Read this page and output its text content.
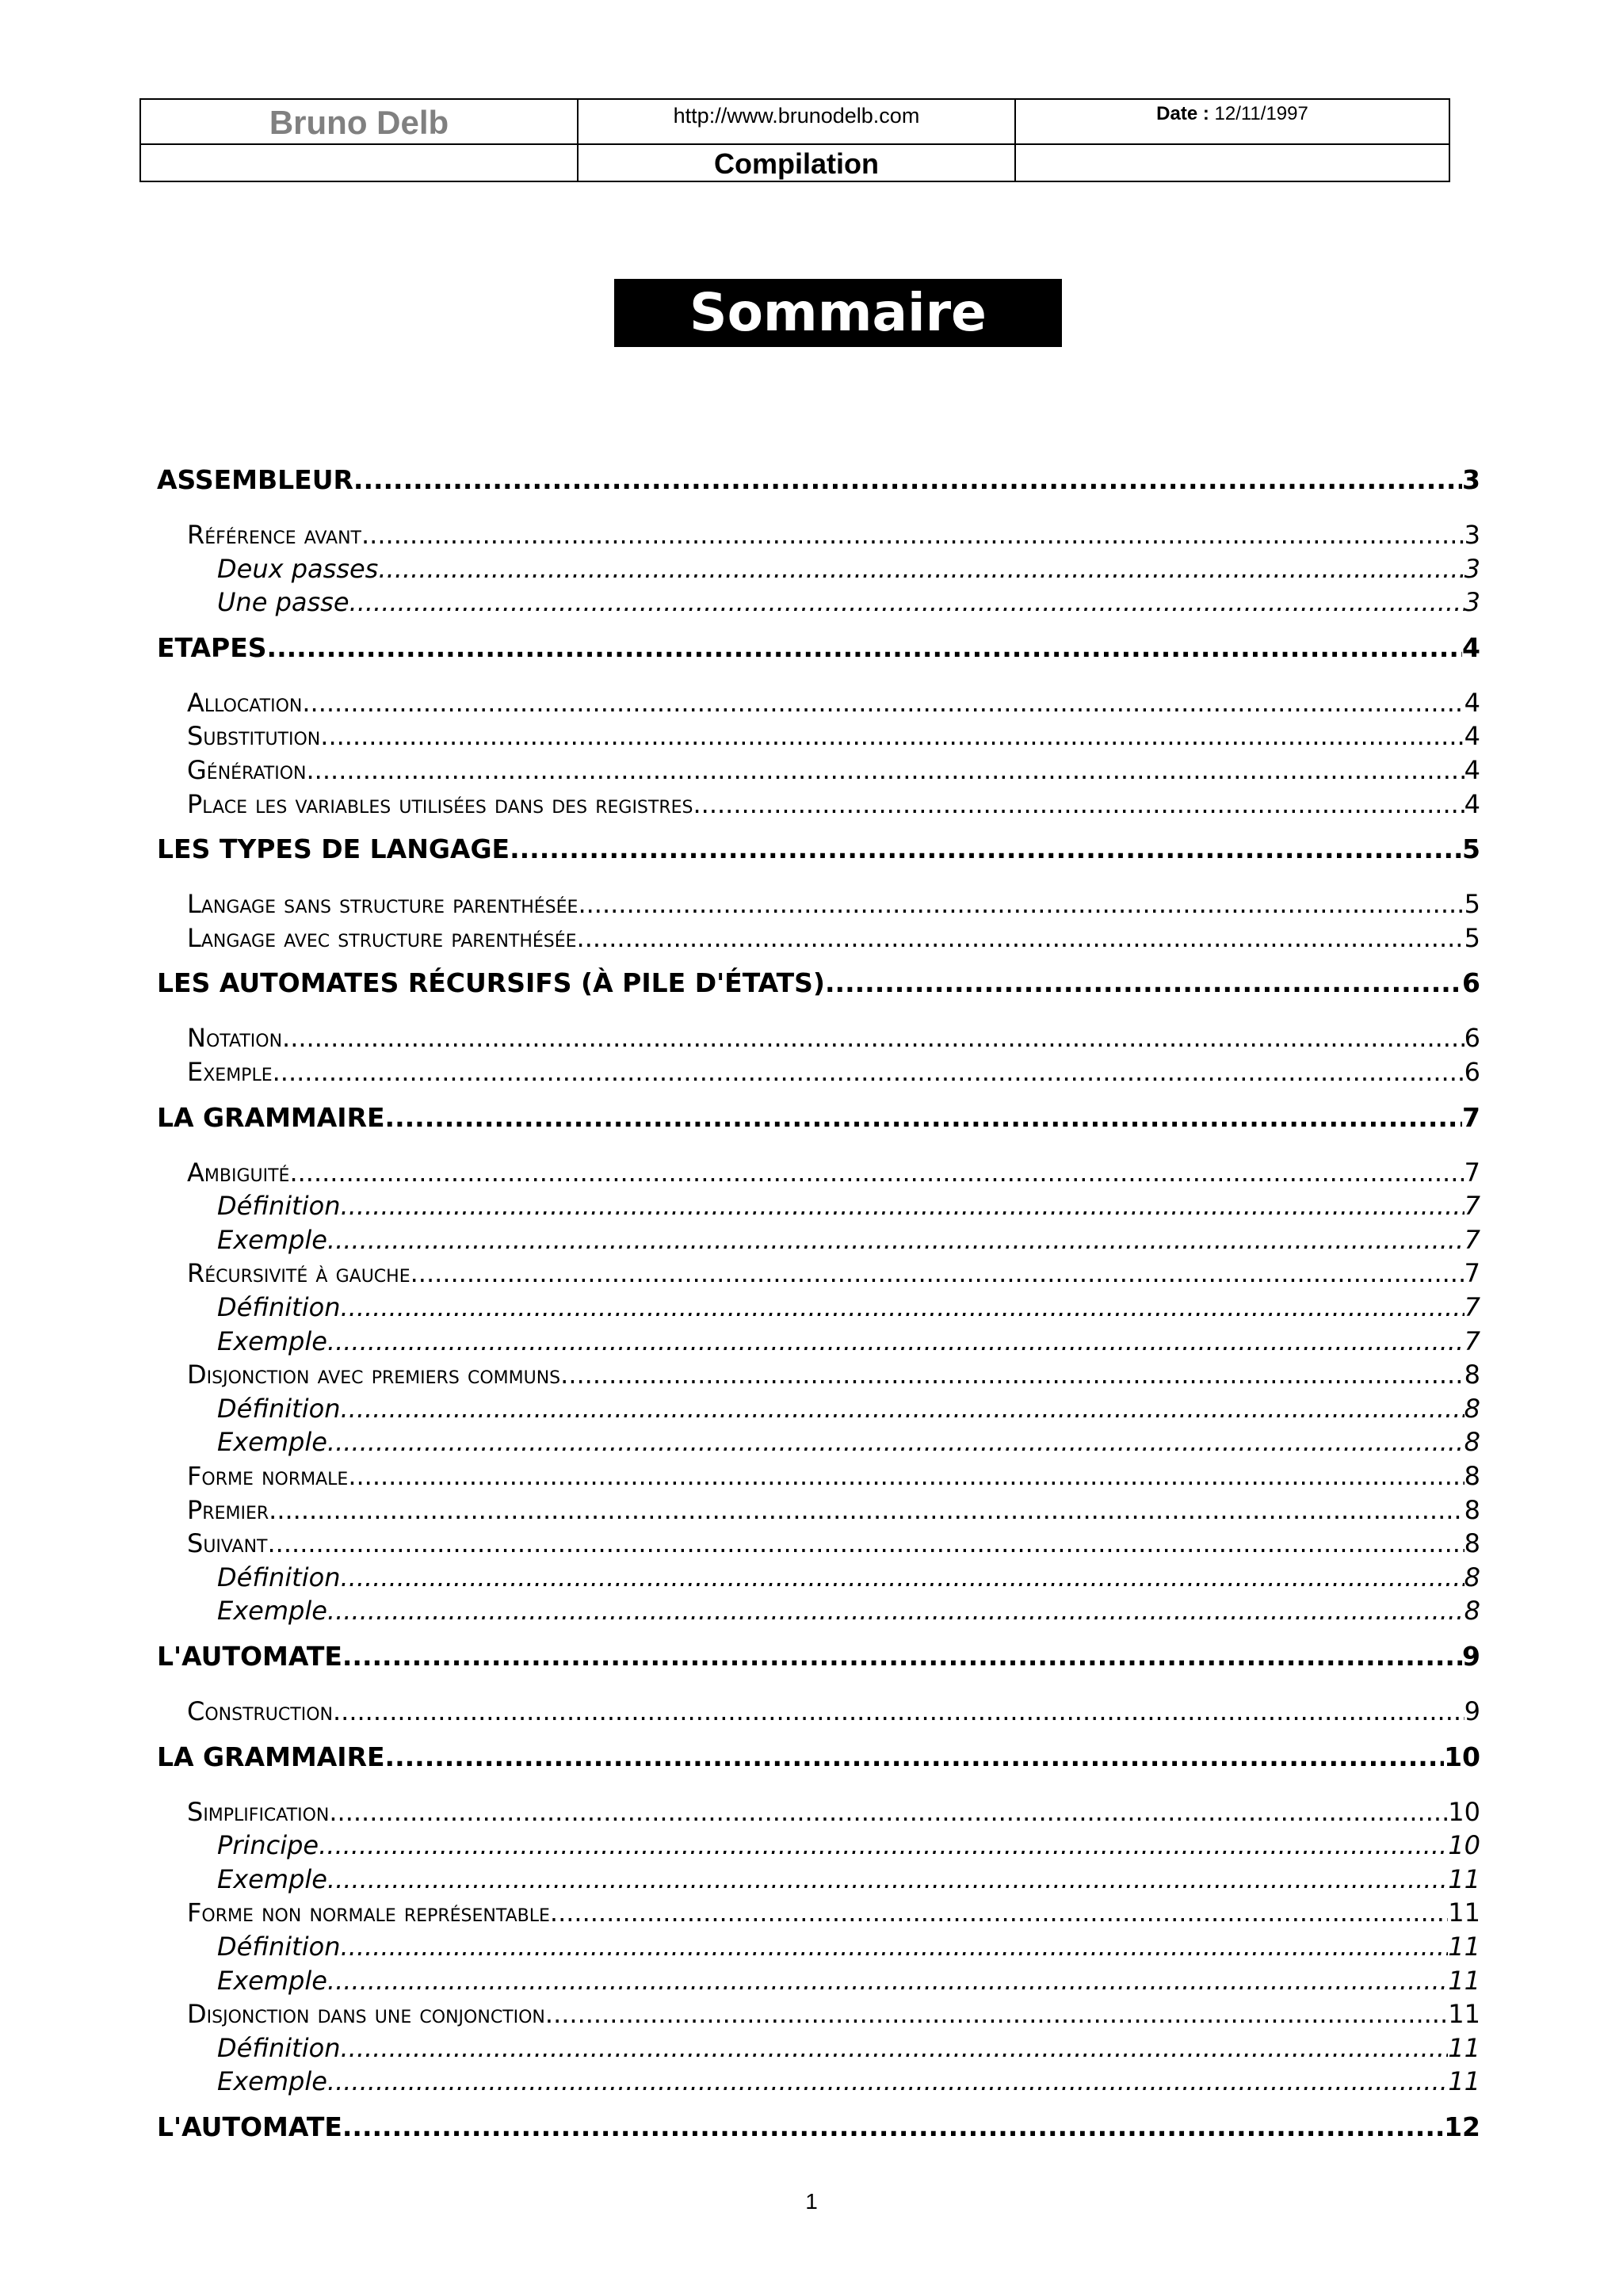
Bruno Delb	http://www.brunodelb.com	Date : 12/11/1997
Compilation
Sommaire
ASSEMBLEUR .....	3
Référence avant .....	3
Deux passes .....	3
Une passe .....	3
ETAPES .....	4
Allocation .....	4
Substitution .....	4
Génération .....	4
Place les variables utilisées dans des registres .....	4
LES TYPES DE LANGAGE .....	5
Langage sans structure parenthésée .....	5
Langage avec structure parenthésée .....	5
LES AUTOMATES RÉCURSIFS (À PILE D'ÉTATS) .....	6
Notation .....	6
Exemple .....	6
LA GRAMMAIRE .....	7
Ambiguité .....	7
Définition .....	7
Exemple .....	7
Récursivité à gauche .....	7
Définition .....	7
Exemple .....	7
Disjonction avec premiers communs .....	8
Définition .....	8
Exemple .....	8
Forme normale .....	8
Premier .....	8
Suivant .....	8
Définition .....	8
Exemple .....	8
L'AUTOMATE .....	9
Construction .....	9
LA GRAMMAIRE .....	10
Simplification .....	10
Principe .....	10
Exemple .....	11
Forme non normale représentable .....	11
Définition .....	11
Exemple .....	11
Disjonction dans une conjonction .....	11
Définition .....	11
Exemple .....	11
L'AUTOMATE .....	12
1
